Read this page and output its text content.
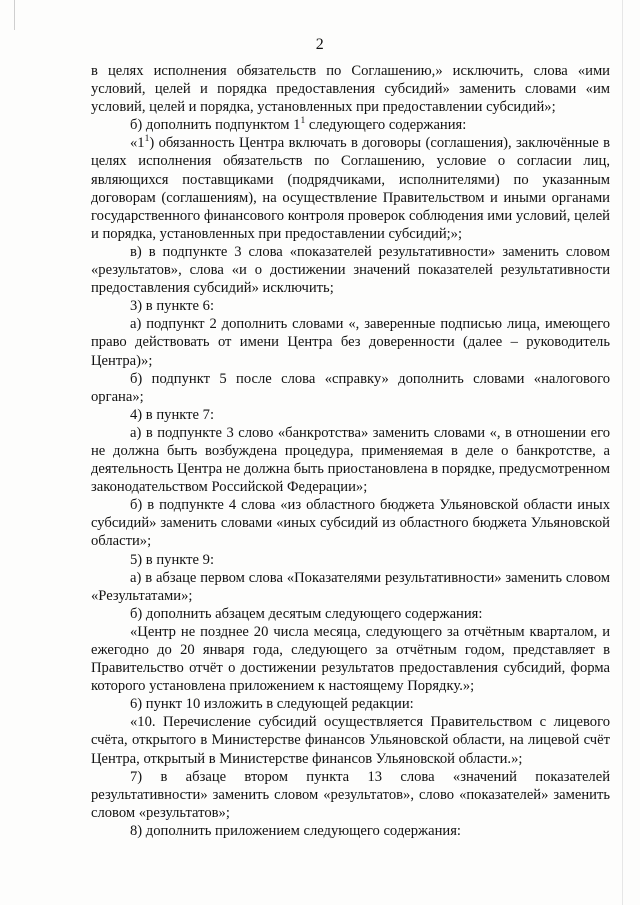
2

в целях исполнения обязательств по Соглашению,» исключить, слова «ими условий, целей и порядка предоставления субсидий» заменить словами «им условий, целей и порядка, установленных при предоставлении субсидий»;

б) дополнить подпунктом $1^1$ следующего содержания:

«$1^1$) обязанность Центра включать в договоры (соглашения), заключённые в целях исполнения обязательств по Соглашению, условие о согласии лиц, являющихся поставщиками (подрядчиками, исполнителями) по указанным договорам (соглашениям), на осуществление Правительством и иными органами государственного финансового контроля проверок соблюдения ими условий, целей и порядка, установленных при предоставлении субсидий;»;

в) в подпункте 3 слова «показателей результативности» заменить словом «результатов», слова «и о достижении значений показателей результативности предоставления субсидий» исключить;

3) в пункте 6:

а) подпункт 2 дополнить словами «, заверенные подписью лица, имеющего право действовать от имени Центра без доверенности (далее – руководитель Центра)»;

б) подпункт 5 после слова «справку» дополнить словами «налогового органа»;

4) в пункте 7:

а) в подпункте 3 слово «банкротства» заменить словами «, в отношении его не должна быть возбуждена процедура, применяемая в деле о банкротстве, а деятельность Центра не должна быть приостановлена в порядке, предусмотренном законодательством Российской Федерации»;

б) в подпункте 4 слова «из областного бюджета Ульяновской области иных субсидий» заменить словами «иных субсидий из областного бюджета Ульяновской области»;

5) в пункте 9:

а) в абзаце первом слова «Показателями результативности» заменить словом «Результатами»;

б) дополнить абзацем десятым следующего содержания:

«Центр не позднее 20 числа месяца, следующего за отчётным кварталом, и ежегодно до 20 января года, следующего за отчётным годом, представляет в Правительство отчёт о достижении результатов предоставления субсидий, форма которого установлена приложением к настоящему Порядку.»;

6) пункт 10 изложить в следующей редакции:

«10. Перечисление субсидий осуществляется Правительством с лицевого счёта, открытого в Министерстве финансов Ульяновской области, на лицевой счёт Центра, открытый в Министерстве финансов Ульяновской области.»;

7) в абзаце втором пункта 13 слова «значений показателей результативности» заменить словом «результатов», слово «показателей» заменить словом «результатов»;

8) дополнить приложением следующего содержания:
